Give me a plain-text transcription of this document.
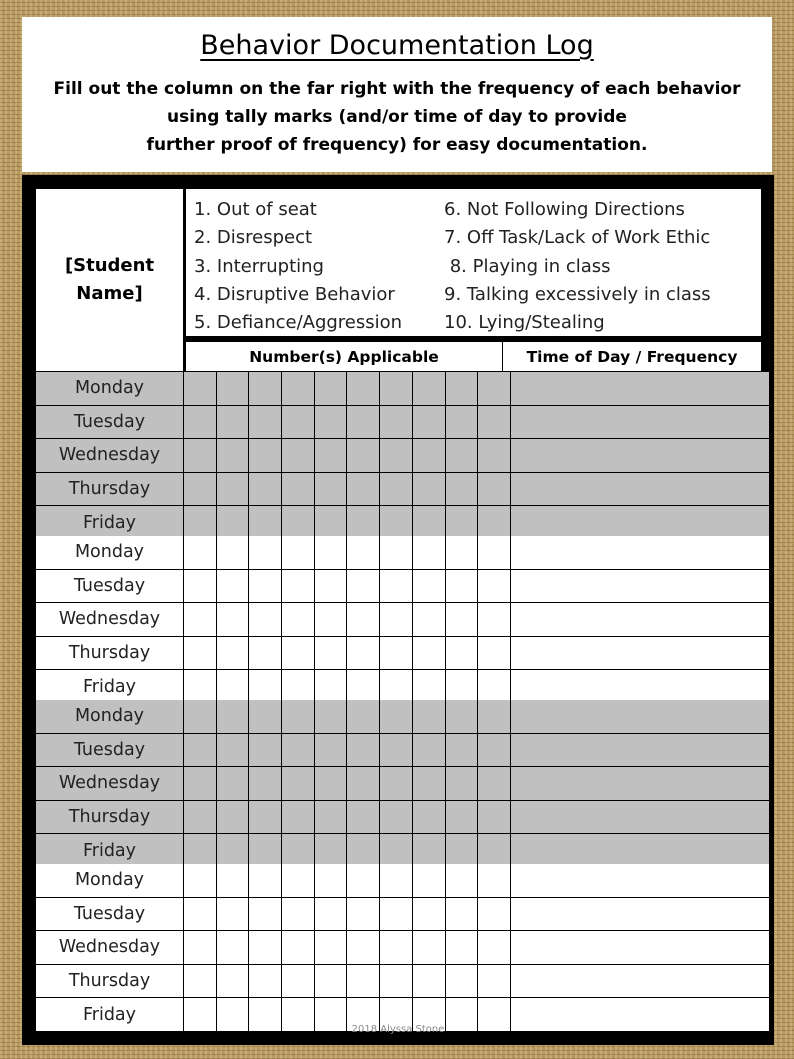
Behavior Documentation Log
Fill out the column on the far right with the frequency of each behavior
using tally marks (and/or time of day to provide
further proof of frequency) for easy documentation.
[Student
Name]
1. Out of seat
2. Disrespect
3. Interrupting
4. Disruptive Behavior
5. Defiance/Aggression
6. Not Following Directions
7. Off Task/Lack of Work Ethic
8. Playing in class
9. Talking excessively in class
10. Lying/Stealing
Number(s) Applicable	Time of Day / Frequency
Monday
Tuesday
Wednesday
Thursday
Friday
Monday
Tuesday
Wednesday
Thursday
Friday
Monday
Tuesday
Wednesday
Thursday
Friday
Monday
Tuesday
Wednesday
Thursday
Friday
2018 Alyssa Stone
